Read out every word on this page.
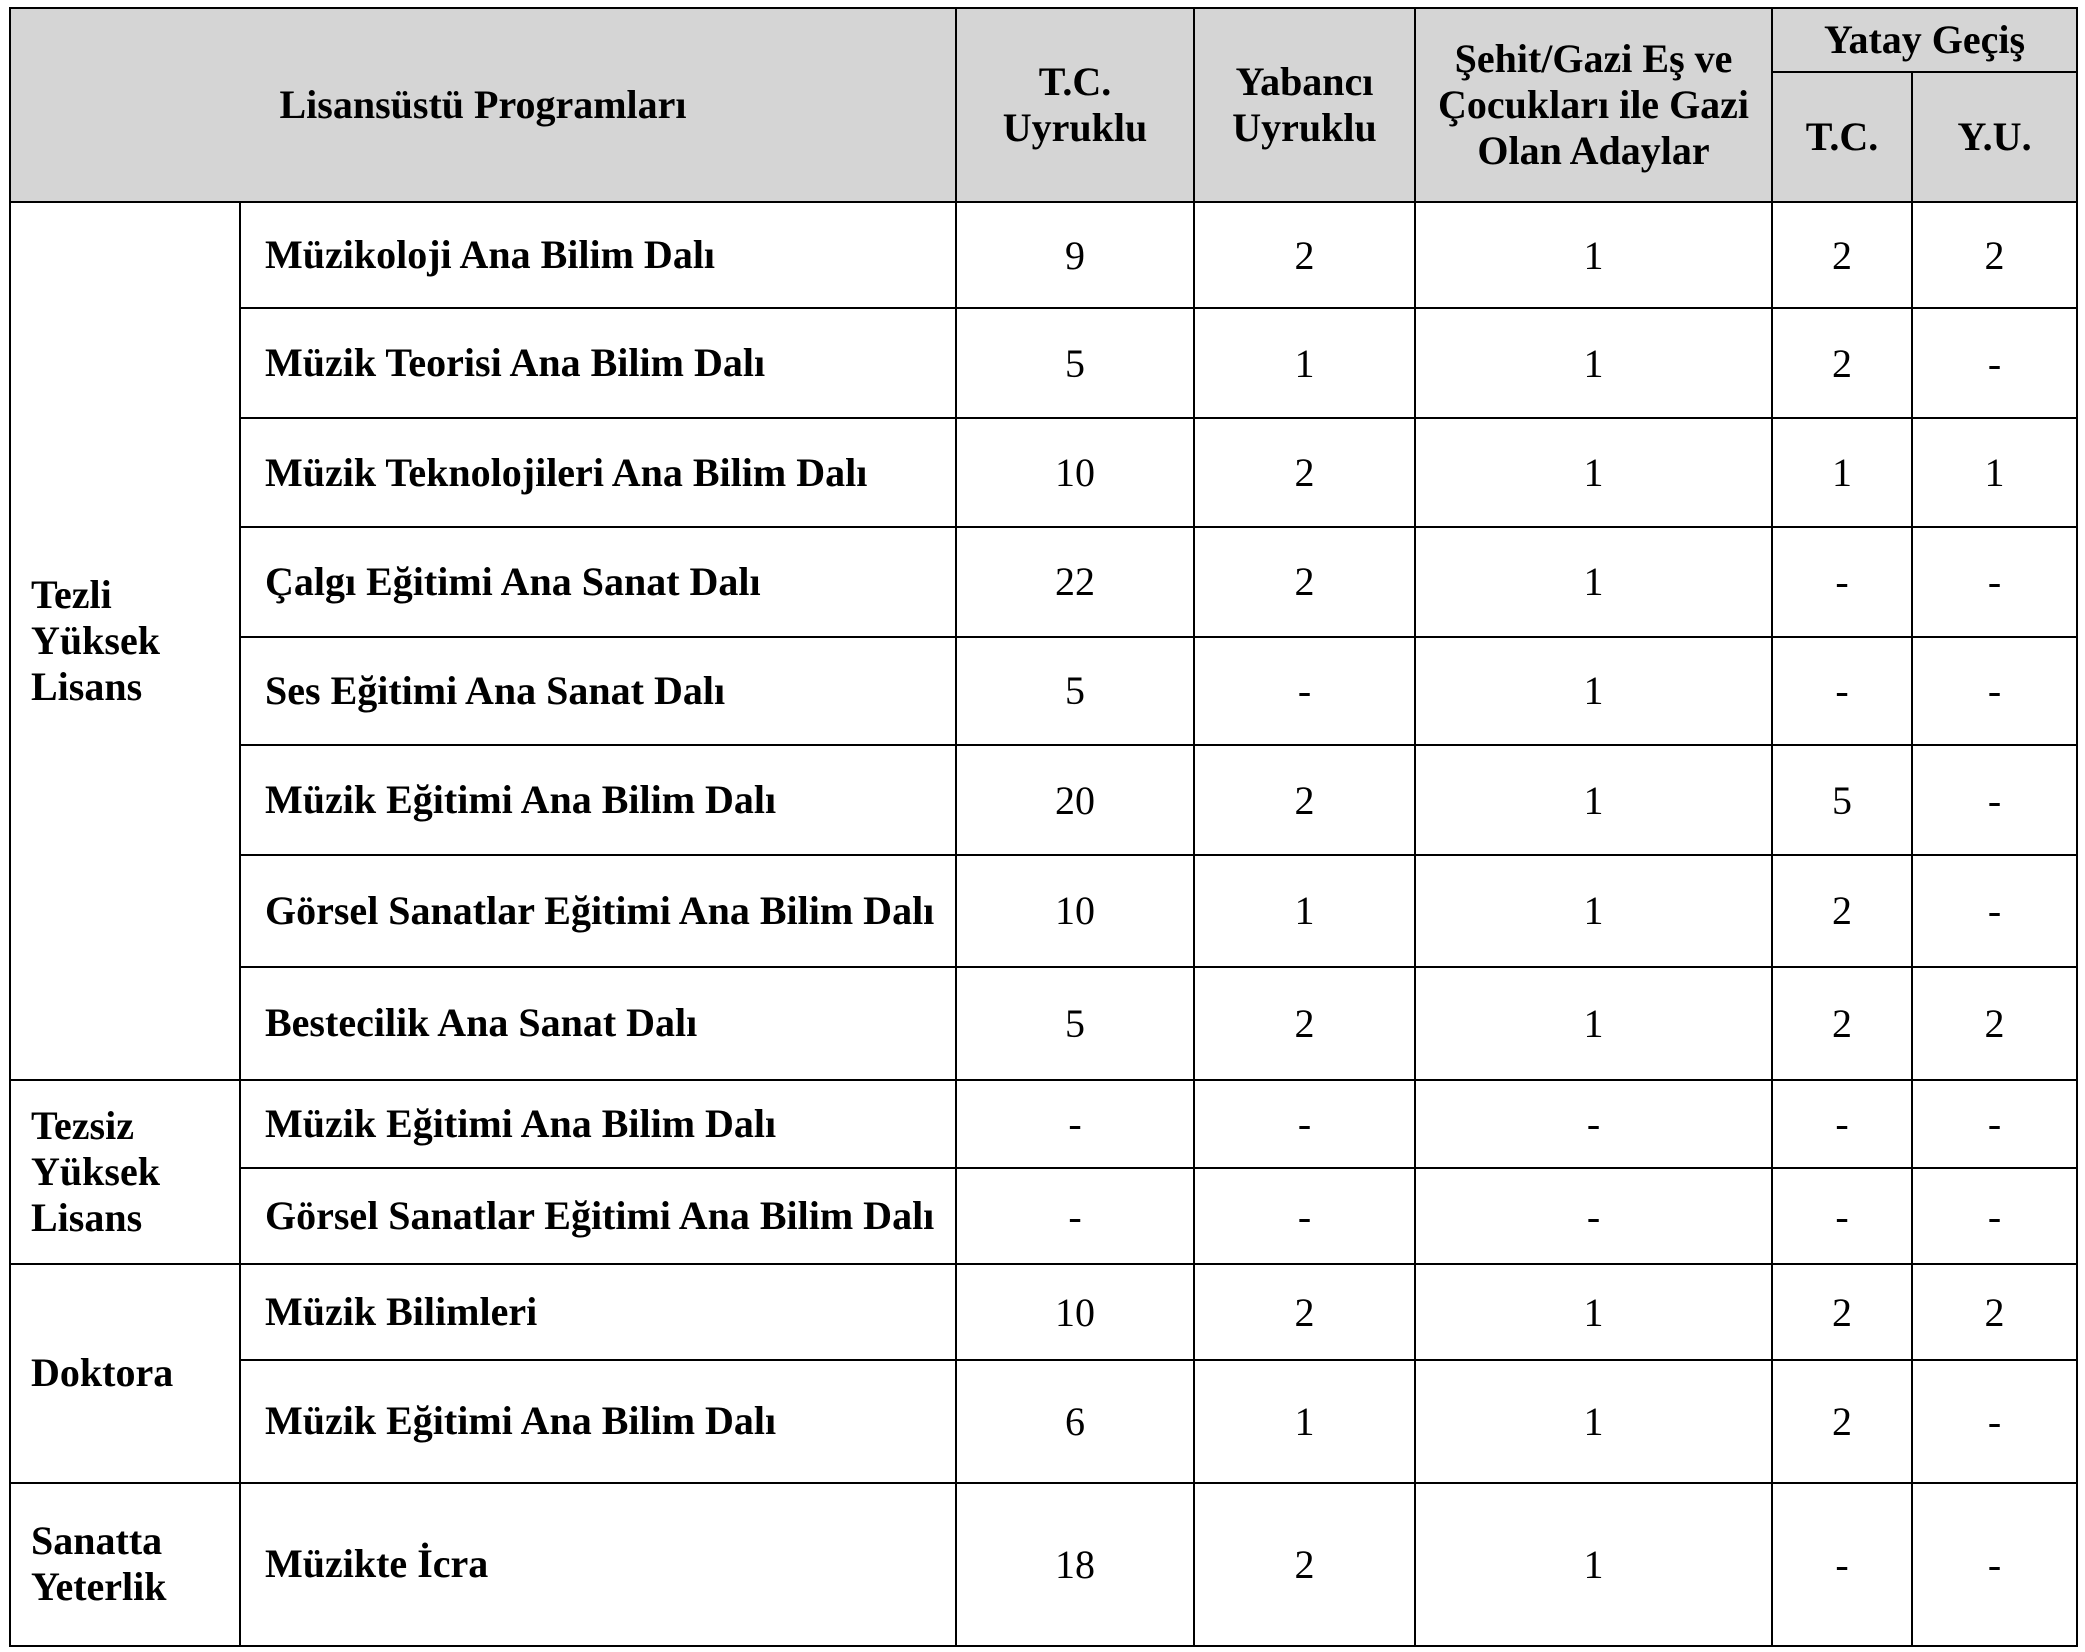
Lisansüstü Programları		T.C. Uyruklu	Yabancı Uyruklu	Şehit/Gazi Eş ve Çocukları ile Gazi Olan Adaylar	Yatay Geçiş	
					T.C.	Y.U.

Tezli Yüksek Lisans	Müzikoloji Ana Bilim Dalı	9	2	1	2	2
	Müzik Teorisi Ana Bilim Dalı	5	1	1	2	-
	Müzik Teknolojileri Ana Bilim Dalı	10	2	1	1	1
	Çalgı Eğitimi Ana Sanat Dalı	22	2	1	-	-
	Ses Eğitimi Ana Sanat Dalı	5	-	1	-	-
	Müzik Eğitimi Ana Bilim Dalı	20	2	1	5	-
	Görsel Sanatlar Eğitimi Ana Bilim Dalı	10	1	1	2	-
	Bestecilik Ana Sanat Dalı	5	2	1	2	2

Tezsiz Yüksek Lisans	Müzik Eğitimi Ana Bilim Dalı	-	-	-	-	-
	Görsel Sanatlar Eğitimi Ana Bilim Dalı	-	-	-	-	-

Doktora	Müzik Bilimleri	10	2	1	2	2
	Müzik Eğitimi Ana Bilim Dalı	6	1	1	2	-

Sanatta Yeterlik	Müzikte İcra	18	2	1	-	-
